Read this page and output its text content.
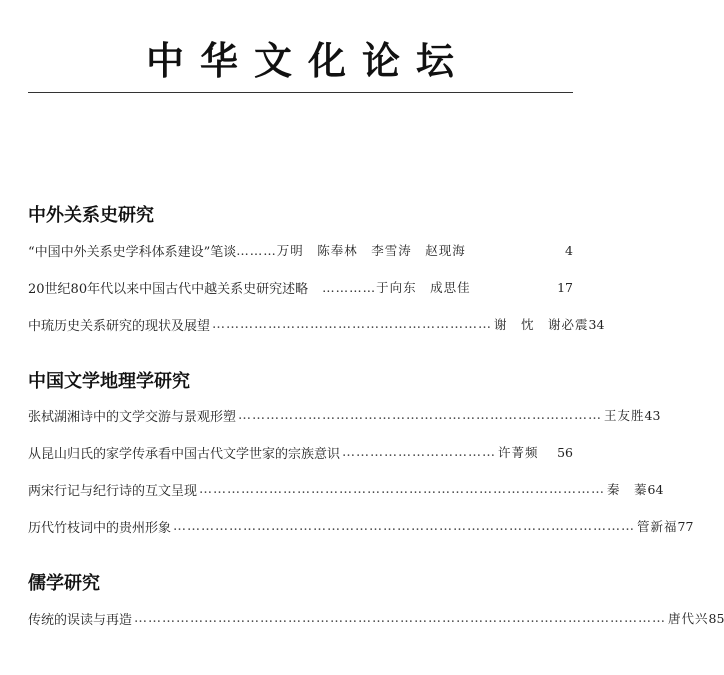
中华文化论坛
中外关系史研究
“中国中外关系史学科体系建设”笔谈 ……… 万明　陈奉林　李雪涛　赵现海	4
20世纪80年代以来中国古代中越关系史研究述略 ………… 于向东　成思佳	17
中琉历史关系研究的现状及展望 …………………………………………………… 谢　忱　谢必震 34
中国文学地理学研究
张栻湖湘诗中的文学交游与景观形塑 …………………………………………………………………… 王友胜 43
从昆山归氏的家学传承看中国古代文学世家的宗族意识 …………………………… 许菁频	56
两宋行记与纪行诗的互文呈现 …………………………………………………………………………… 秦　蓁 64
历代竹枝词中的贵州形象 ……………………………………………………………………………………… 管新福 77
儒学研究
传统的误读与再造 …………………………………………………………………………………………………… 唐代兴 85
